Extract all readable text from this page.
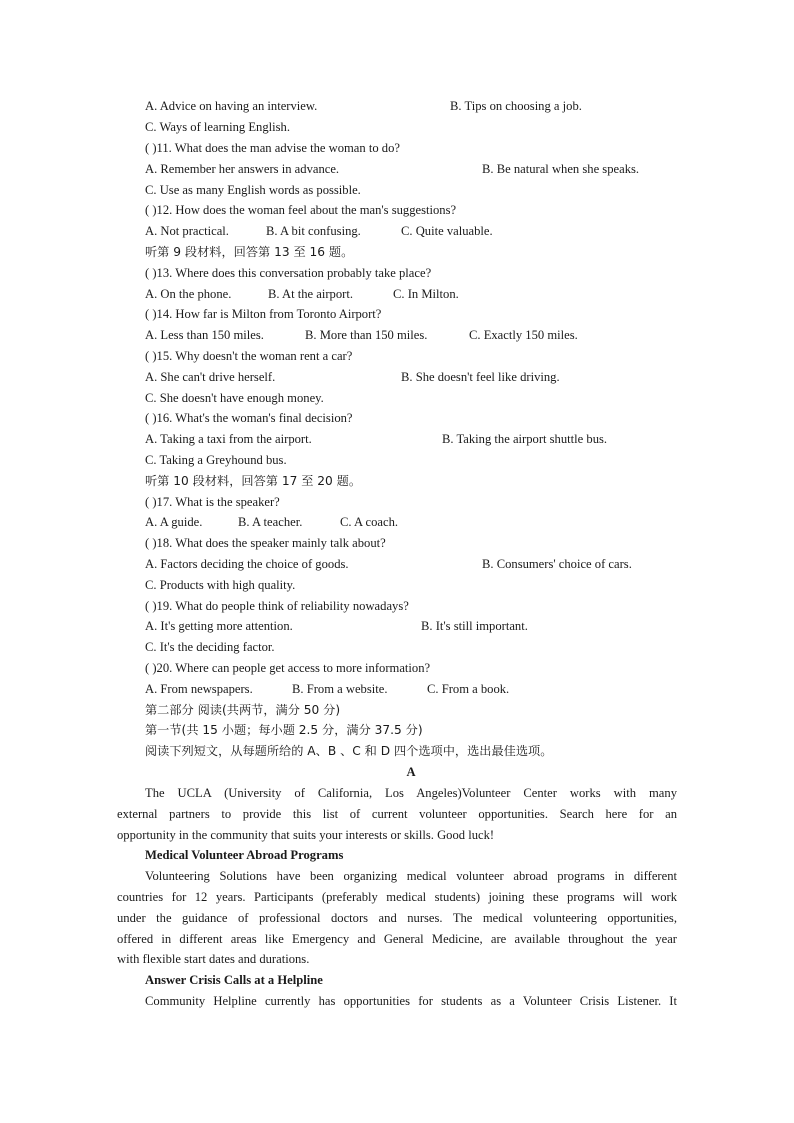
A. Advice on having an interview.	B. Tips on choosing a job.
C. Ways of learning English.
( )11. What does the man advise the woman to do?
A. Remember her answers in advance.	B. Be natural when she speaks.
C. Use as many English words as possible.
( )12. How does the woman feel about the man's suggestions?
A. Not practical.	B. A bit confusing.	C. Quite valuable.
听第 9 段材料，回答第 13 至 16 题。
( )13. Where does this conversation probably take place?
A. On the phone.	B. At the airport.	C. In Milton.
( )14. How far is Milton from Toronto Airport?
A. Less than 150 miles.	B. More than 150 miles.	C. Exactly 150 miles.
( )15. Why doesn't the woman rent a car?
A. She can't drive herself.	B. She doesn't feel like driving.
C. She doesn't have enough money.
( )16. What's the woman's final decision?
A. Taking a taxi from the airport.	B. Taking the airport shuttle bus.
C. Taking a Greyhound bus.
听第 10 段材料，回答第 17 至 20 题。
( )17. What is the speaker?
A. A guide.	B. A teacher.	C. A coach.
( )18. What does the speaker mainly talk about?
A. Factors deciding the choice of goods.	B. Consumers' choice of cars.
C. Products with high quality.
( )19. What do people think of reliability nowadays?
A. It's getting more attention.	B. It's still important.
C. It's the deciding factor.
( )20. Where can people get access to more information?
A. From newspapers.	B. From a website.	C. From a book.
第二部分 阅读(共两节，满分 50 分)
第一节(共 15 小题；每小题 2.5 分，满分 37.5 分)
阅读下列短文，从每题所给的 A、B 、C 和 D 四个选项中，选出最佳选项。
A
The UCLA (University of California, Los Angeles)Volunteer Center works with many
external partners to provide this list of current volunteer opportunities. Search here for an
opportunity in the community that suits your interests or skills. Good luck!
Medical Volunteer Abroad Programs
Volunteering Solutions have been organizing medical volunteer abroad programs in different
countries for 12 years. Participants (preferably medical students) joining these programs will work
under the guidance of professional doctors and nurses. The medical volunteering opportunities,
offered in different areas like Emergency and General Medicine, are available throughout the year
with flexible start dates and durations.
Answer Crisis Calls at a Helpline
Community Helpline currently has opportunities for students as a Volunteer Crisis Listener. It
